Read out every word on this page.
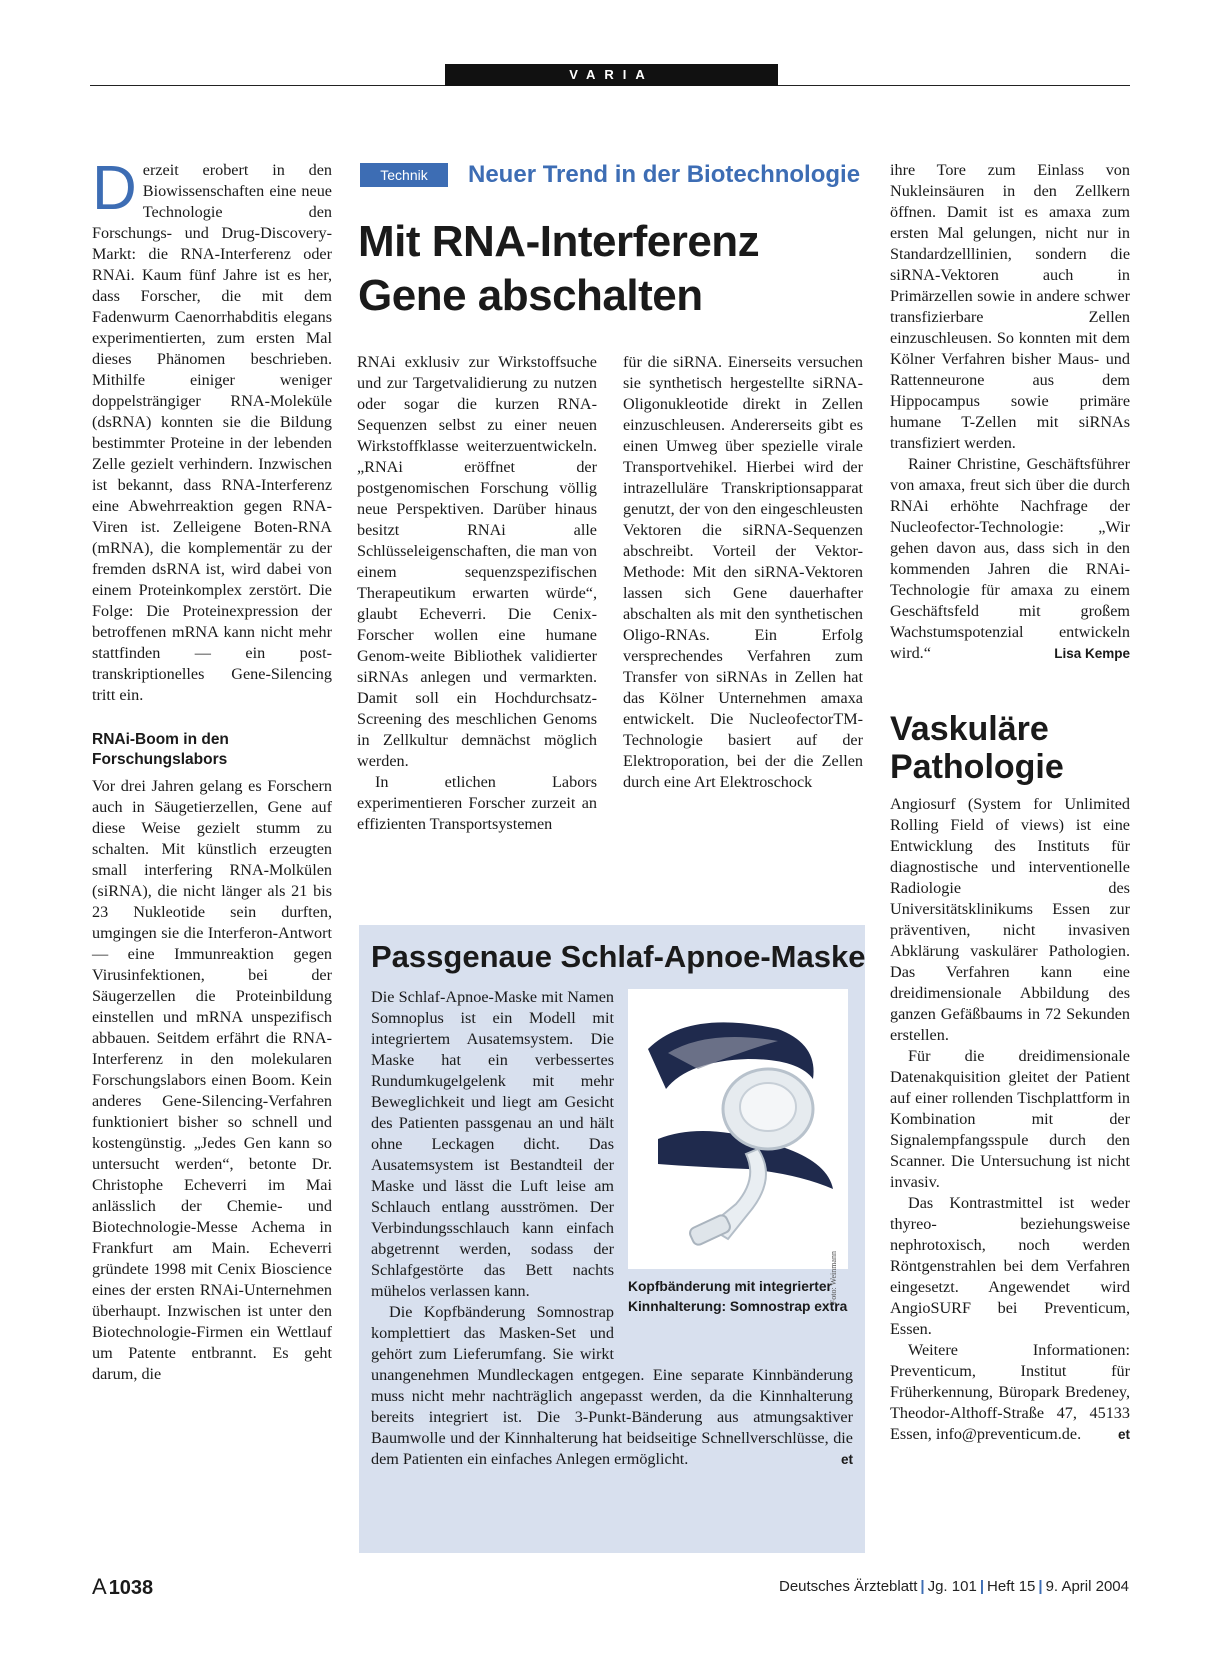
VARIA

Derzeit erobert in den Biowissenschaften eine neue Technologie den Forschungs- und Drug-Discovery-Markt: die RNA-Interferenz oder RNAi. Kaum fünf Jahre ist es her, dass Forscher, die mit dem Fadenwurm Caenorrhabditis elegans experimentierten, zum ersten Mal dieses Phänomen beschrieben. Mithilfe einiger weniger doppelsträngiger RNA-Moleküle (dsRNA) konnten sie die Bildung bestimmter Proteine in der lebenden Zelle gezielt verhindern. Inzwischen ist bekannt, dass RNA-Interferenz eine Abwehrreaktion gegen RNA-Viren ist. Zelleigene Boten-RNA (mRNA), die komplementär zu der fremden dsRNA ist, wird dabei von einem Proteinkomplex zerstört. Die Folge: Die Proteinexpression der betroffenen mRNA kann nicht mehr stattfinden — ein post-transkriptionelles Gene-Silencing tritt ein.

RNAi-Boom in den Forschungslabors

Vor drei Jahren gelang es Forschern auch in Säugetierzellen, Gene auf diese Weise gezielt stumm zu schalten. Mit künstlich erzeugten small interfering RNA-Molkülen (siRNA), die nicht länger als 21 bis 23 Nukleotide sein durften, umgingen sie die Interferon-Antwort — eine Immunreaktion gegen Virusinfektionen, bei der Säugerzellen die Proteinbildung einstellen und mRNA unspezifisch abbauen. Seitdem erfährt die RNA-Interferenz in den molekularen Forschungslabors einen Boom. Kein anderes Gene-Silencing-Verfahren funktioniert bisher so schnell und kostengünstig. „Jedes Gen kann so untersucht werden“, betonte Dr. Christophe Echeverri im Mai anlässlich der Chemie- und Biotechnologie-Messe Achema in Frankfurt am Main. Echeverri gründete 1998 mit Cenix Bioscience eines der ersten RNAi-Unternehmen überhaupt. Inzwischen ist unter den Biotechnologie-Firmen ein Wettlauf um Patente entbrannt. Es geht darum, die

Technik	Neuer Trend in der Biotechnologie
Mit RNA-Interferenz Gene abschalten

RNAi exklusiv zur Wirkstoffsuche und zur Targetvalidierung zu nutzen oder sogar die kurzen RNA-Sequenzen selbst zu einer neuen Wirkstoffklasse weiterzuentwickeln. „RNAi eröffnet der postgenomischen Forschung völlig neue Perspektiven. Darüber hinaus besitzt RNAi alle Schlüsseleigenschaften, die man von einem sequenzspezifischen Therapeutikum erwarten würde“, glaubt Echeverri. Die Cenix-Forscher wollen eine humane Genom-weite Bibliothek validierter siRNAs anlegen und vermarkten. Damit soll ein Hochdurchsatz-Screening des meschlichen Genoms in Zellkultur demnächst möglich werden.

In etlichen Labors experimentieren Forscher zurzeit an effizienten Transportsystemen

für die siRNA. Einerseits versuchen sie synthetisch hergestellte siRNA-Oligonukleotide direkt in Zellen einzuschleusen. Andererseits gibt es einen Umweg über spezielle virale Transportvehikel. Hierbei wird der intrazelluläre Transkriptionsapparat genutzt, der von den eingeschleusten Vektoren die siRNA-Sequenzen abschreibt. Vorteil der Vektor-Methode: Mit den siRNA-Vektoren lassen sich Gene dauerhafter abschalten als mit den synthetischen Oligo-RNAs. Ein Erfolg versprechendes Verfahren zum Transfer von siRNAs in Zellen hat das Kölner Unternehmen amaxa entwickelt. Die NucleofectorTM-Technologie basiert auf der Elektroporation, bei der die Zellen durch eine Art Elektroschock

ihre Tore zum Einlass von Nukleinsäuren in den Zellkern öffnen. Damit ist es amaxa zum ersten Mal gelungen, nicht nur in Standardzelllinien, sondern die siRNA-Vektoren auch in Primärzellen sowie in andere schwer transfizierbare Zellen einzuschleusen. So konnten mit dem Kölner Verfahren bisher Maus- und Rattenneurone aus dem Hippocampus sowie primäre humane T-Zellen mit siRNAs transfiziert werden.

Rainer Christine, Geschäftsführer von amaxa, freut sich über die durch RNAi erhöhte Nachfrage der Nucleofector-Technologie: „Wir gehen davon aus, dass sich in den kommenden Jahren die RNAi-Technologie für amaxa zu einem Geschäftsfeld mit großem Wachstumspotenzial entwickeln wird.“	Lisa Kempe

Vaskuläre Pathologie

Angiosurf (System for Unlimited Rolling Field of views) ist eine Entwicklung des Instituts für diagnostische und interventionelle Radiologie des Universitätsklinikums Essen zur präventiven, nicht invasiven Abklärung vaskulärer Pathologien. Das Verfahren kann eine dreidimensionale Abbildung des ganzen Gefäßbaums in 72 Sekunden erstellen.

Für die dreidimensionale Datenakquisition gleitet der Patient auf einer rollenden Tischplattform in Kombination mit der Signalempfangsspule durch den Scanner. Die Untersuchung ist nicht invasiv.

Das Kontrastmittel ist weder thyreo- beziehungsweise nephrotoxisch, noch werden Röntgenstrahlen bei dem Verfahren eingesetzt. Angewendet wird AngioSURF bei Preventicum, Essen.

Weitere Informationen: Preventicum, Institut für Früherkennung, Büropark Bredeney, Theodor-Althoff-Straße 47, 45133 Essen, info@preventicum.de.	et

Passgenaue Schlaf-Apnoe-Maske

Foto: Weinmann
Kopfbänderung mit integrierter Kinnhalterung: Somnostrap extra
Die Schlaf-Apnoe-Maske mit Namen Somnoplus ist ein Modell mit integriertem Ausatemsystem. Die Maske hat ein verbessertes Rundumkugelgelenk mit mehr Beweglichkeit und liegt am Gesicht des Patienten passgenau an und hält ohne Leckagen dicht. Das Ausatemsystem ist Bestandteil der Maske und lässt die Luft leise am Schlauch entlang ausströmen. Der Verbindungsschlauch kann einfach abgetrennt werden, sodass der Schlafgestörte das Bett nachts mühelos verlassen kann.

Die Kopfbänderung Somnostrap komplettiert das Masken-Set und gehört zum Lieferumfang. Sie wirkt unangenehmen Mundleckagen entgegen. Eine separate Kinnbänderung muss nicht mehr nachträglich angepasst werden, da die Kinnhalterung bereits integriert ist. Die 3-Punkt-Bänderung aus atmungsaktiver Baumwolle und der Kinnhalterung hat beidseitige Schnellverschlüsse, die dem Patienten ein einfaches Anlegen ermöglicht.	et

A 1038	Deutsches Ärzteblatt | Jg. 101 | Heft 15 | 9. April 2004
